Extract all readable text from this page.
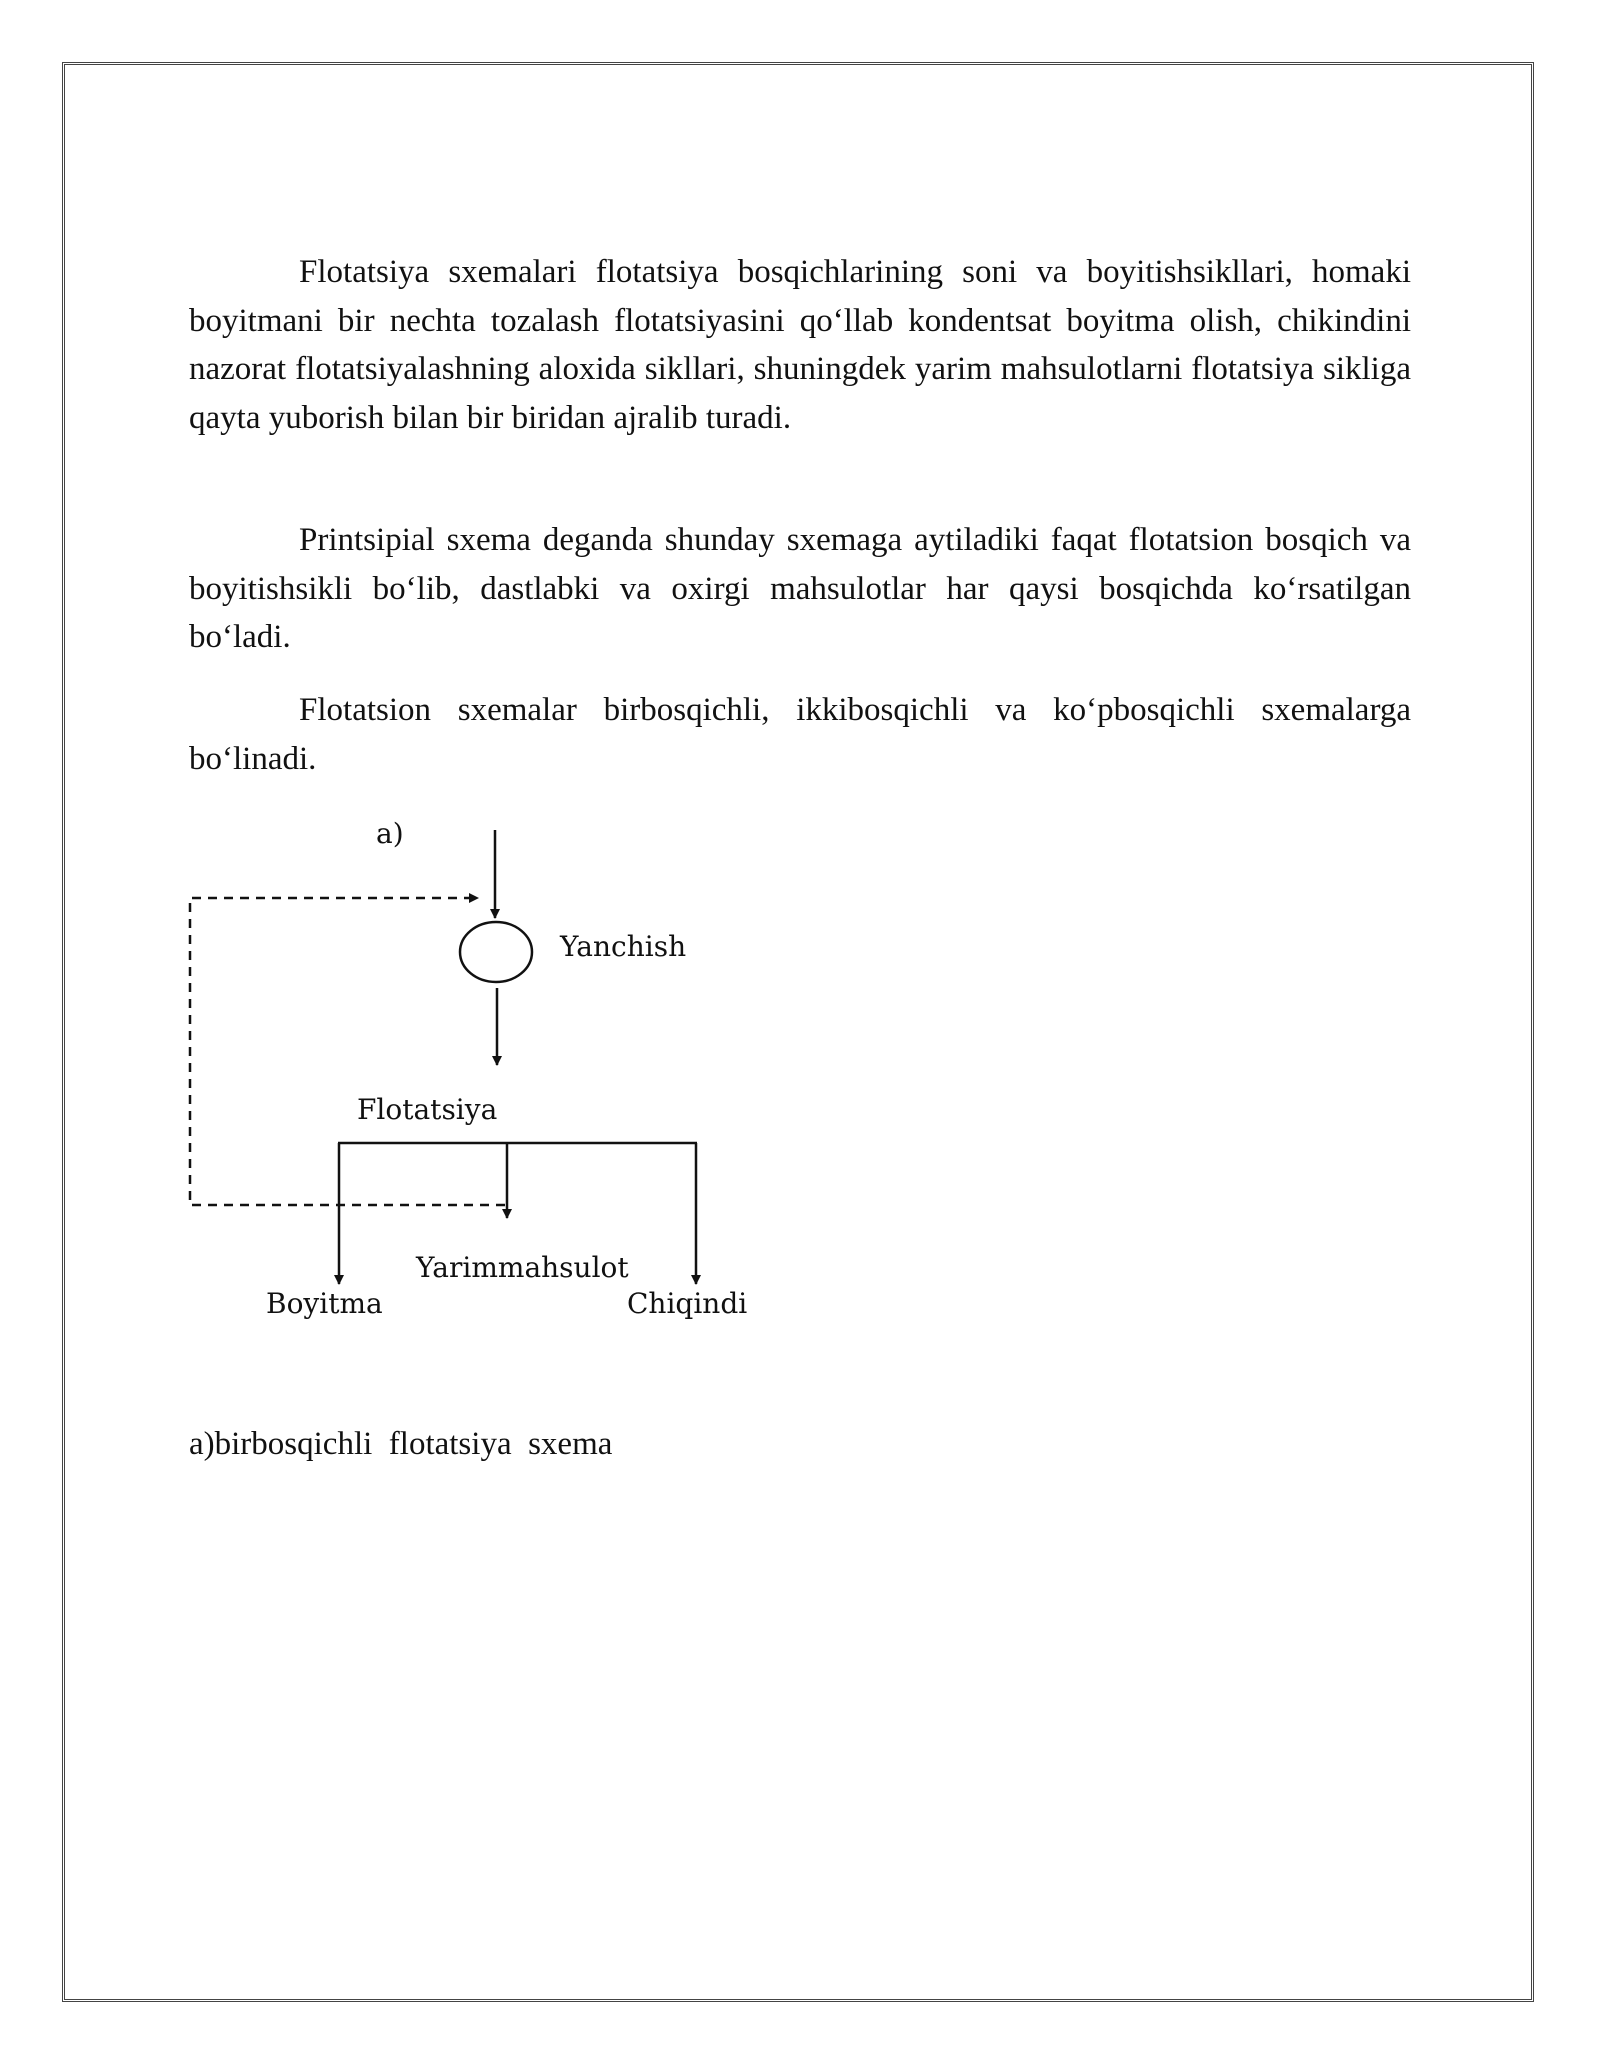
Flotatsiya sxemalari flotatsiya bosqichlarining soni va boyitishsikllari, homaki boyitmani bir nechta tozalash flotatsiyasini qo‘llab kondentsat boyitma olish, chikindini nazorat flotatsiyalashning aloxida sikllari, shuningdek yarim mahsulotlarni flotatsiya sikliga qayta yuborish bilan bir biridan ajralib turadi.

Printsipial sxema deganda shunday sxemaga aytiladiki faqat flotatsion bosqich va boyitishsikli bo‘lib, dastlabki va oxirgi mahsulotlar har qaysi bosqichda ko‘rsatilgan bo‘ladi.

Flotatsion sxemalar birbosqichli, ikkibosqichli va ko‘pbosqichli sxemalarga bo‘linadi.

a)
Yanchish
Flotatsiya
Yarimmahsulot
Boyitma	Chiqindi

a)birbosqichli  flotatsiya  sxema
